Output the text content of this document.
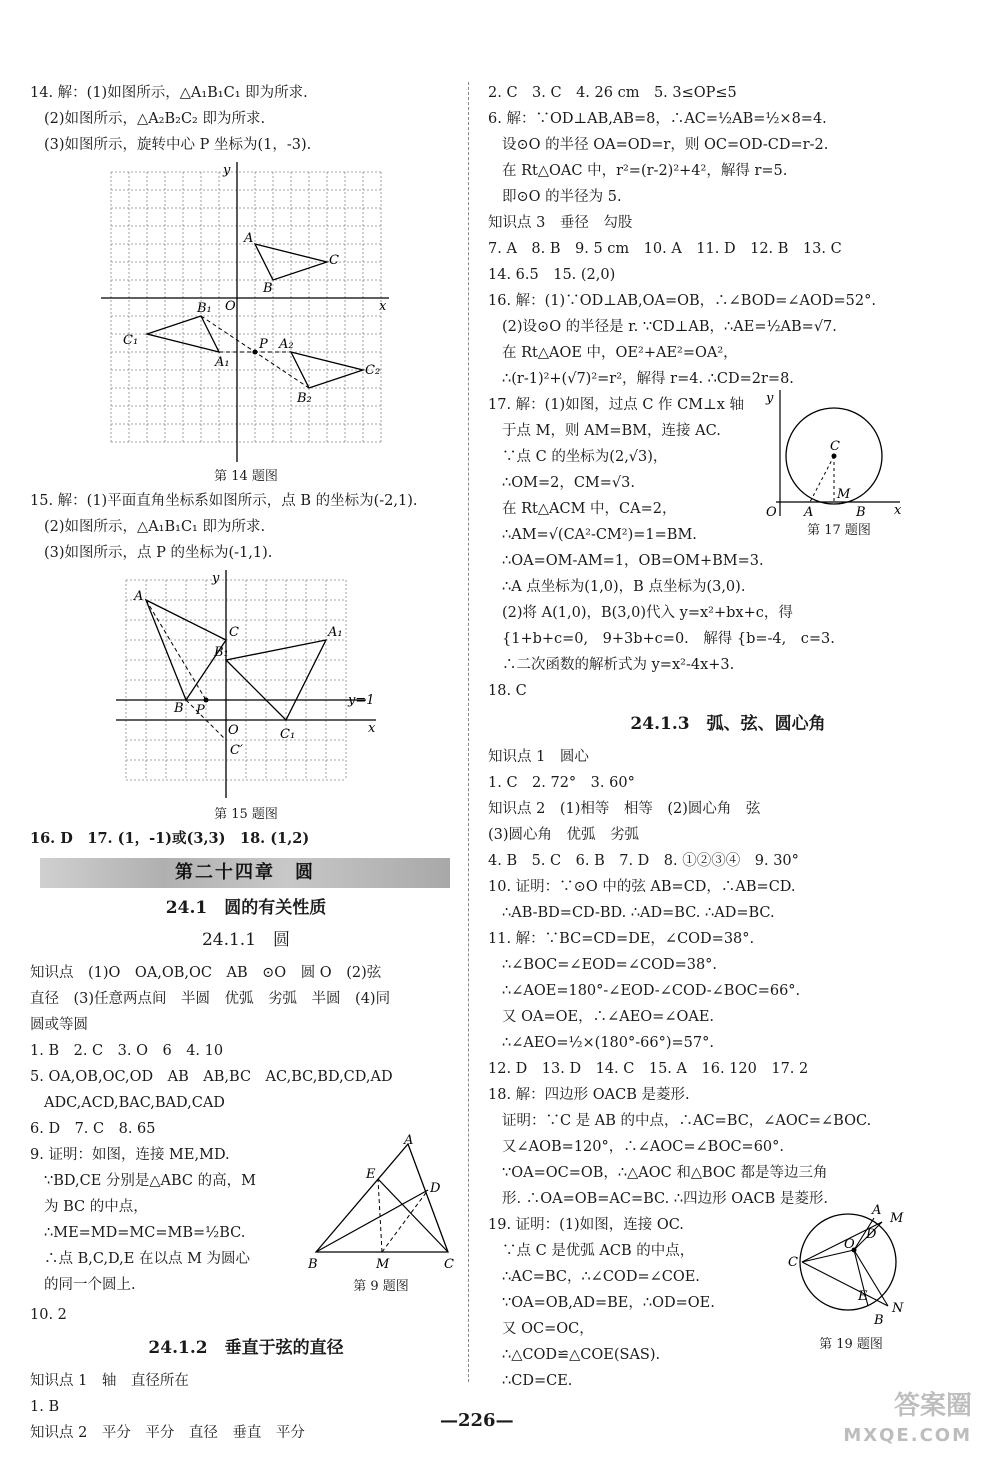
14. 解：(1)如图所示，△A₁B₁C₁ 即为所求.

(2)如图所示，△A₂B₂C₂ 即为所求.

(3)如图所示，旋转中心 P 坐标为(1，-3).

x
y
O
A
C
B
B₁
C₁
A₁
A₂
C₂
B₂
P
第 14 题图

15. 解：(1)平面直角坐标系如图所示，点 B 的坐标为(-2,1).

(2)如图所示，△A₁B₁C₁ 即为所求.

(3)如图所示，点 P 的坐标为(-1,1).

x
y
y=1
O
A
C
B
B₁
A₁
C₁
P
C′
第 15 题图

16. D　17. (1，-1)或(3,3)　18. (1,2)

第二十四章　圆
24.1　圆的有关性质
24.1.1　圆

知识点　(1)O　OA,OB,OC　AB　⊙O　圆 O　(2)弦

直径　(3)任意两点间　半圆　优弧　劣弧　半圆　(4)同

圆或等圆

1. B　2. C　3. O　6　4. 10

5. OA,OB,OC,OD　AB　AB,BC　AC,BC,BD,CD,AD

ADC,ACD,BAC,BAD,CAD

6. D　7. C　8. 65

9. 证明：如图，连接 ME,MD.

∵BD,CE 分别是△ABC 的高，M

为 BC 的中点，

∴ME=MD=MC=MB=½BC.

∴点 B,C,D,E 在以点 M 为圆心

的同一个圆上.

A
B	C
D
E
M
第 9 题图

10. 2

24.1.2　垂直于弦的直径

知识点 1　轴　直径所在

1. B

知识点 2　平分　平分　直径　垂直　平分

2. C　3. C　4. 26 cm　5. 3≤OP≤5

6. 解：∵OD⊥AB,AB=8，∴AC=½AB=½×8=4.

设⊙O 的半径 OA=OD=r，则 OC=OD-CD=r-2.

在 Rt△OAC 中，r²=(r-2)²+4²，解得 r=5.

即⊙O 的半径为 5.

知识点 3　垂径　勾股

7. A　8. B　9. 5 cm　10. A　11. D　12. B　13. C

14. 6.5　15. (2,0)

16. 解：(1)∵OD⊥AB,OA=OB，∴∠BOD=∠AOD=52°.

(2)设⊙O 的半径是 r. ∵CD⊥AB，∴AE=½AB=√7.

在 Rt△AOE 中，OE²+AE²=OA²，

∴(r-1)²+(√7)²=r²，解得 r=4. ∴CD=2r=8.

17. 解：(1)如图，过点 C 作 CM⊥x 轴

于点 M，则 AM=BM，连接 AC.

∵点 C 的坐标为(2,√3)，

∴OM=2，CM=√3.

在 Rt△ACM 中，CA=2，

∴AM=√(CA²-CM²)=1=BM.

∴OA=OM-AM=1，OB=OM+BM=3.

∴A 点坐标为(1,0)，B 点坐标为(3,0).

(2)将 A(1,0)，B(3,0)代入 y=x²+bx+c，得

{1+b+c=0,　9+3b+c=0.　解得 {b=-4,　c=3.

∴二次函数的解析式为 y=x²-4x+3.

x
y
O A	B
C
M
第 17 题图

18. C

24.1.3　弧、弦、圆心角

知识点 1　圆心

1. C　2. 72°　3. 60°

知识点 2　(1)相等　相等　(2)圆心角　弦

(3)圆心角　优弧　劣弧

4. B　5. C　6. B　7. D　8. ①②③④　9. 30°

10. 证明：∵⊙O 中的弦 AB=CD，∴AB=CD.

∴AB-BD=CD-BD. ∴AD=BC. ∴AD=BC.

11. 解：∵BC=CD=DE，∠COD=38°.

∴∠BOC=∠EOD=∠COD=38°.

∴∠AOE=180°-∠EOD-∠COD-∠BOC=66°.

又 OA=OE，∴∠AEO=∠OAE.

∴∠AEO=½×(180°-66°)=57°.

12. D　13. D　14. C　15. A　16. 120　17. 2

18. 解：四边形 OACB 是菱形.

证明：∵C 是 AB 的中点，∴AC=BC，∠AOC=∠BOC.

又∠AOB=120°，∴∠AOC=∠BOC=60°.

∵OA=OC=OB，∴△AOC 和△BOC 都是等边三角

形. ∴OA=OB=AC=BC. ∴四边形 OACB 是菱形.

19. 证明：(1)如图，连接 OC.

∵点 C 是优弧 ACB 的中点，

∴AC=BC，∴∠COD=∠COE.

∵OA=OB,AD=BE，∴OD=OE.

又 OC=OC，

∴△COD≌△COE(SAS).

∴CD=CE.

A
M
D
O
C
E
B
N
第 19 题图
—226—	答案圈
MXQE.COM
